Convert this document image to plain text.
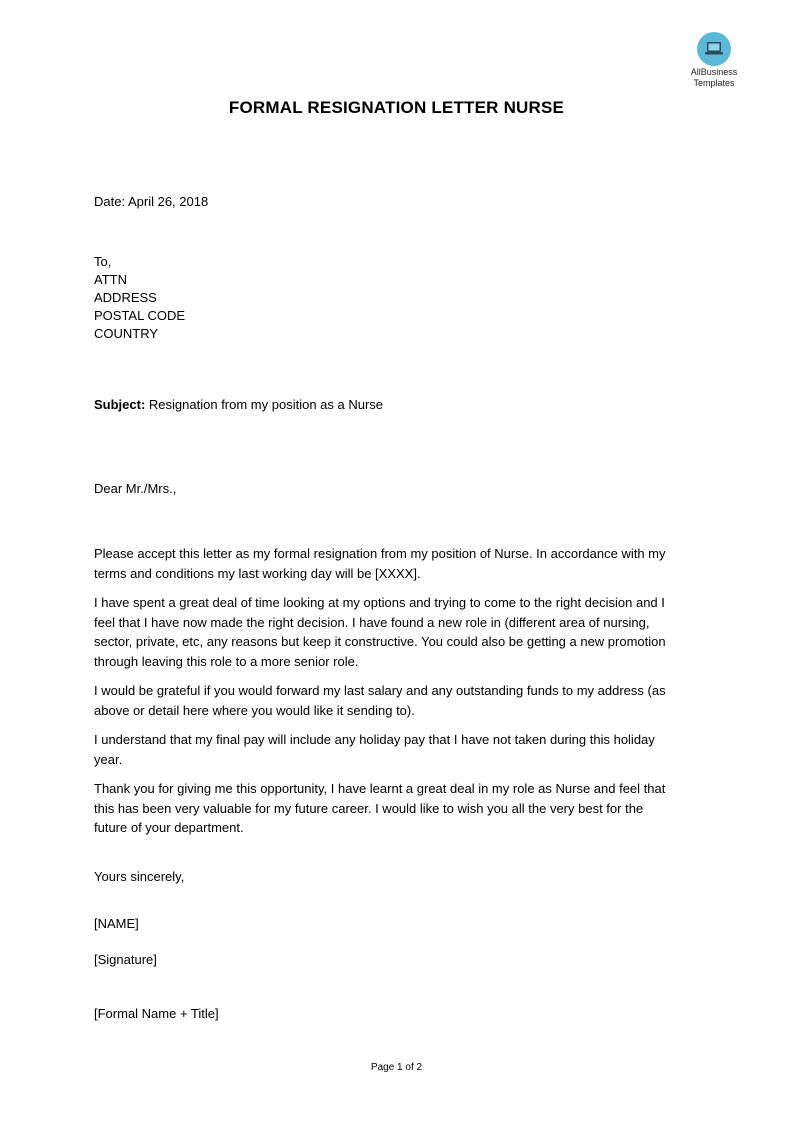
AllBusiness
Templates
FORMAL RESIGNATION LETTER NURSE
Date: April 26, 2018
To,
ATTN
ADDRESS
POSTAL CODE
COUNTRY
Subject: Resignation from my position as a Nurse
Dear Mr./Mrs.,
Please accept this letter as my formal resignation from my position of Nurse. In accordance with my
terms and conditions my last working day will be [XXXX].
I have spent a great deal of time looking at my options and trying to come to the right decision and I
feel that I have now made the right decision. I have found a new role in (different area of nursing,
sector, private, etc, any reasons but keep it constructive. You could also be getting a new promotion
through leaving this role to a more senior role.
I would be grateful if you would forward my last salary and any outstanding funds to my address (as
above or detail here where you would like it sending to).
I understand that my final pay will include any holiday pay that I have not taken during this holiday
year.
Thank you for giving me this opportunity, I have learnt a great deal in my role as Nurse and feel that
this has been very valuable for my future career. I would like to wish you all the very best for the
future of your department.
Yours sincerely,
[NAME]
[Signature]
[Formal Name + Title]
Page 1 of 2
